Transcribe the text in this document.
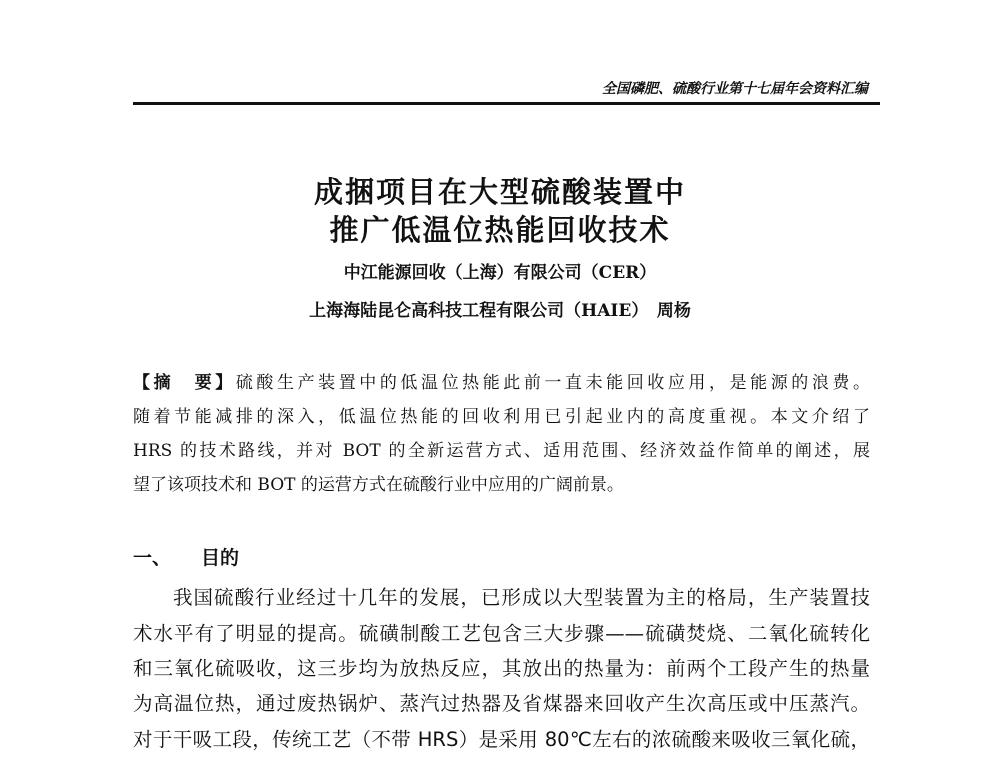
全国磷肥、硫酸行业第十七届年会资料汇编
成捆项目在大型硫酸装置中
推广低温位热能回收技术
中江能源回收（上海）有限公司（CER）
上海海陆昆仑高科技工程有限公司（HAIE）　周杨
【摘　要】硫酸生产装置中的低温位热能此前一直未能回收应用，是能源的浪费。
随着节能减排的深入，低温位热能的回收利用已引起业内的高度重视。本文介绍了
HRS 的技术路线，并对 BOT 的全新运营方式、适用范围、经济效益作简单的阐述，展
望了该项技术和 BOT 的运营方式在硫酸行业中应用的广阔前景。
一、 目的
我国硫酸行业经过十几年的发展，已形成以大型装置为主的格局，生产装置技
术水平有了明显的提高。硫磺制酸工艺包含三大步骤——硫磺焚烧、二氧化硫转化
和三氧化硫吸收，这三步均为放热反应，其放出的热量为：前两个工段产生的热量
为高温位热，通过废热锅炉、蒸汽过热器及省煤器来回收产生次高压或中压蒸汽。
对于干吸工段，传统工艺（不带 HRS）是采用 80℃左右的浓硫酸来吸收三氧化硫，
